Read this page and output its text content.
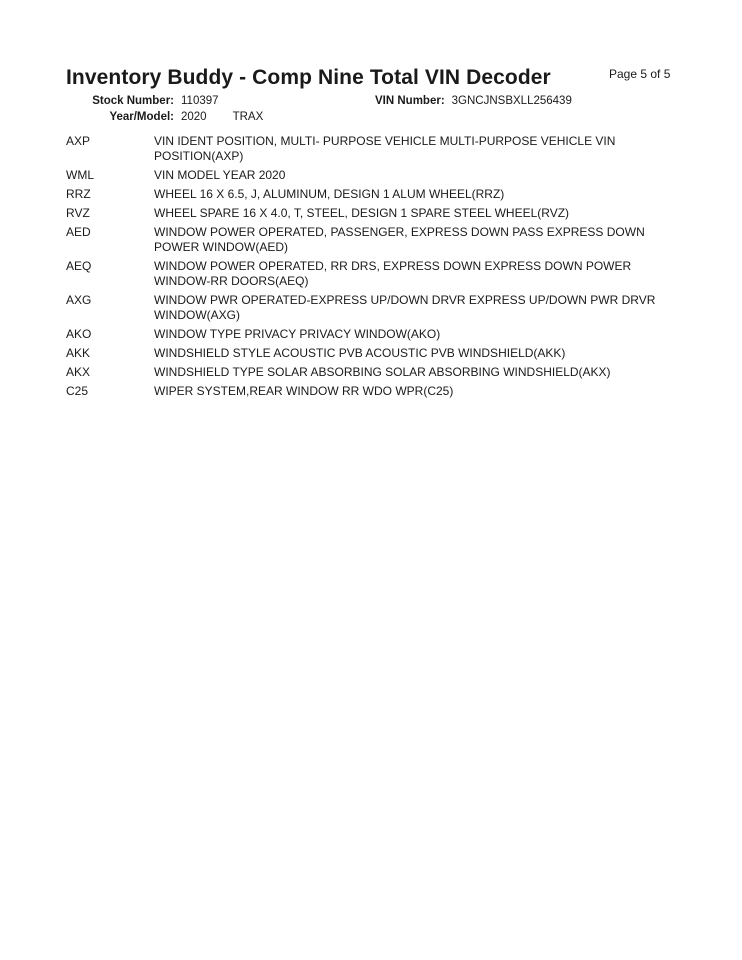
Inventory Buddy - Comp Nine Total VIN Decoder	Page 5 of 5
Stock Number: 110397	VIN Number: 3GNCJNSBXLL256439
Year/Model: 2020 TRAX
AXP	VIN IDENT POSITION, MULTI- PURPOSE VEHICLE MULTI-PURPOSE VEHICLE VIN POSITION(AXP)
WML	VIN MODEL YEAR 2020
RRZ	WHEEL 16 X 6.5, J, ALUMINUM, DESIGN 1 ALUM WHEEL(RRZ)
RVZ	WHEEL SPARE 16 X 4.0, T, STEEL, DESIGN 1 SPARE STEEL WHEEL(RVZ)
AED	WINDOW POWER OPERATED, PASSENGER, EXPRESS DOWN PASS EXPRESS DOWN POWER WINDOW(AED)
AEQ	WINDOW POWER OPERATED, RR DRS, EXPRESS DOWN EXPRESS DOWN POWER WINDOW-RR DOORS(AEQ)
AXG	WINDOW PWR OPERATED-EXPRESS UP/DOWN DRVR EXPRESS UP/DOWN PWR DRVR WINDOW(AXG)
AKO	WINDOW TYPE PRIVACY PRIVACY WINDOW(AKO)
AKK	WINDSHIELD STYLE ACOUSTIC PVB ACOUSTIC PVB WINDSHIELD(AKK)
AKX	WINDSHIELD TYPE SOLAR ABSORBING SOLAR ABSORBING WINDSHIELD(AKX)
C25	WIPER SYSTEM,REAR WINDOW RR WDO WPR(C25)
